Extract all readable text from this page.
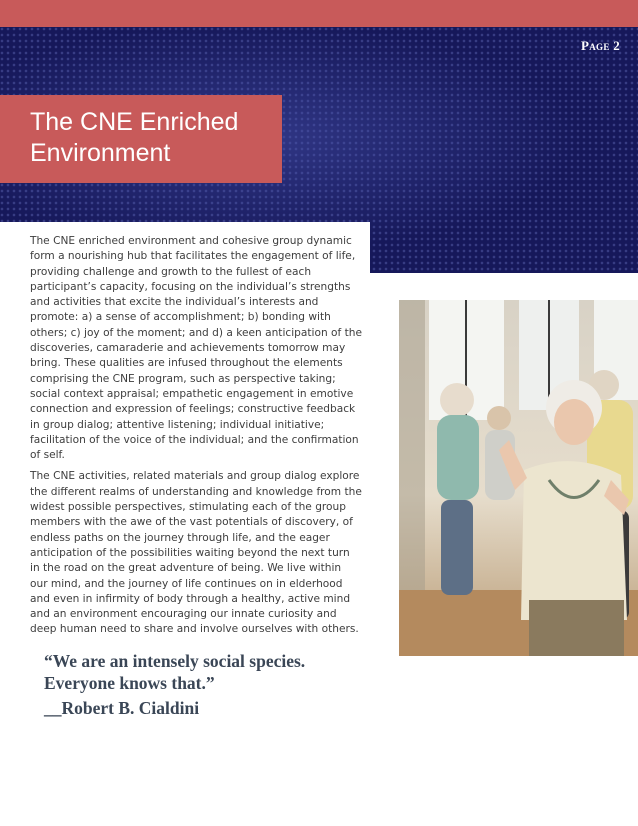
Page 2
The CNE Enriched
Environment

The CNE enriched environment and cohesive group dynamic form a nourishing hub that facilitates the engagement of life, providing challenge and growth to the fullest of each participant’s capacity, focusing on the individual’s strengths and activities that excite the individual’s interests and promote: a) a sense of accomplishment; b) bonding with others; c) joy of the moment; and d) a keen anticipation of the discoveries, camaraderie and achievements tomorrow may bring. These qualities are infused throughout the elements comprising the CNE program, such as perspective taking; social context appraisal; empathetic engagement in emotive connection and expression of feelings; constructive feedback in group dialog; attentive listening; individual initiative; facilitation of the voice of the individual; and the confirmation of self.

The CNE activities, related materials and group dialog explore the different realms of understanding and knowledge from the widest possible perspectives, stimulating each of the group members with the awe of the vast potentials of discovery, of endless paths on the journey through life, and the eager anticipation of the possibilities waiting beyond the next turn in the road on the great adventure of being. We live within our mind, and the journey of life continues on in elderhood and even in infirmity of body through a healthy, active mind and an environment encouraging our innate curiosity and deep human need to share and involve ourselves with others.

“We are an intensely social species.
Everyone knows that.”
__Robert B. Cialdini
